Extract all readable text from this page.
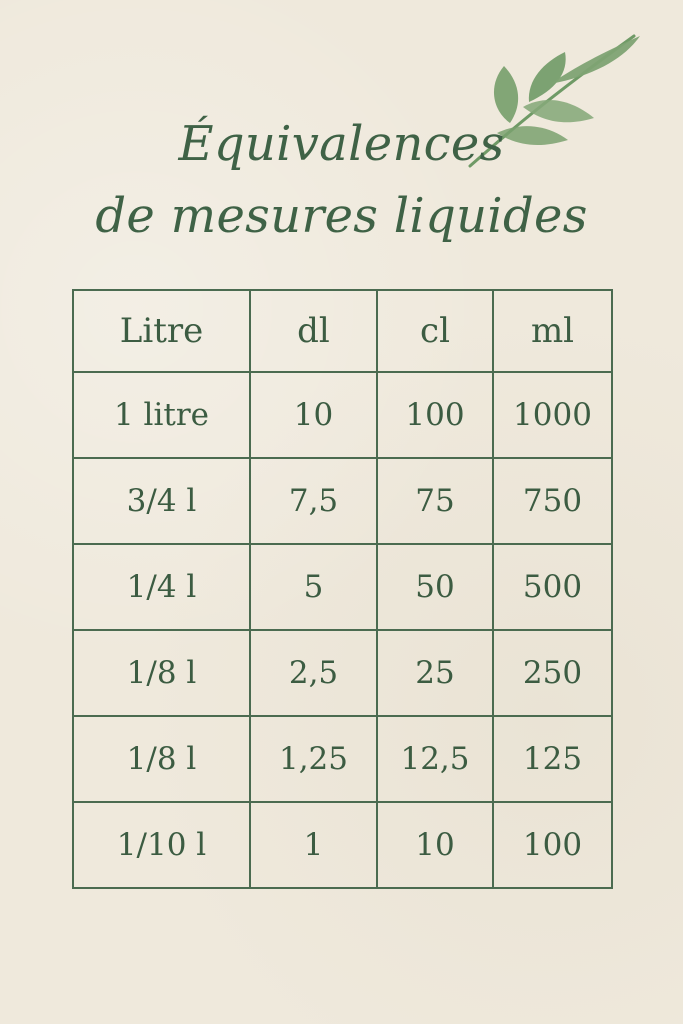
Équivalences
de mesures liquides
Litre	dl	cl	ml
1 litre	10	100	1000
3/4 l	7,5	75	750
1/4 l	5	50	500
1/8 l	2,5	25	250
1/8 l	1,25	12,5	125
1/10 l	1	10	100
